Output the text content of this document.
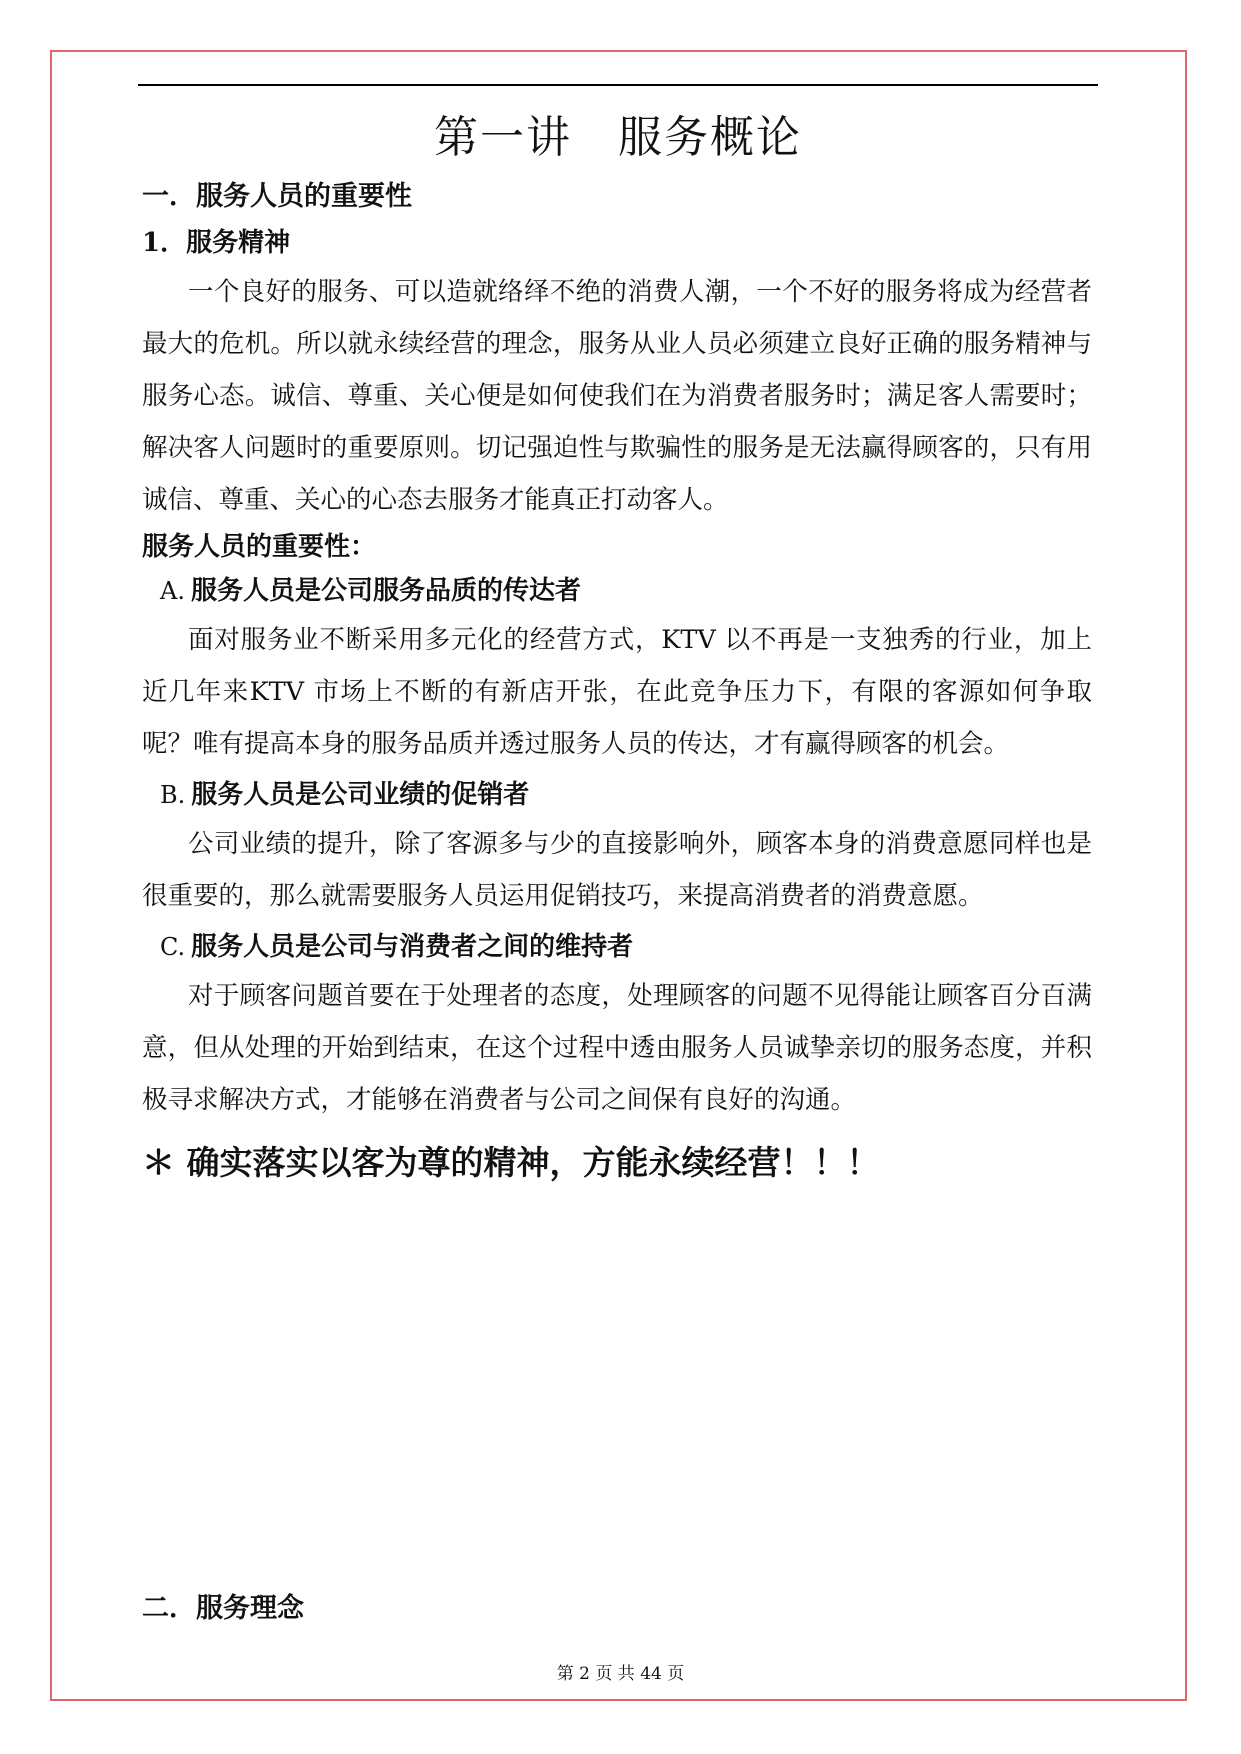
第一讲　服务概论
一．服务人员的重要性
1．服务精神

一个良好的服务、可以造就络绎不绝的消费人潮，一个不好的服务将成为经营者最大的危机。所以就永续经营的理念，服务从业人员必须建立良好正确的服务精神与服务心态。诚信、尊重、关心便是如何使我们在为消费者服务时；满足客人需要时；解决客人问题时的重要原则。切记强迫性与欺骗性的服务是无法赢得顾客的，只有用诚信、尊重、关心的心态去服务才能真正打动客人。

服务人员的重要性：
A. 服务人员是公司服务品质的传达者

面对服务业不断采用多元化的经营方式，KTV 以不再是一支独秀的行业，加上近几年来KTV 市场上不断的有新店开张，在此竞争压力下，有限的客源如何争取呢？唯有提高本身的服务品质并透过服务人员的传达，才有赢得顾客的机会。

B. 服务人员是公司业绩的促销者

公司业绩的提升，除了客源多与少的直接影响外，顾客本身的消费意愿同样也是很重要的，那么就需要服务人员运用促销技巧，来提高消费者的消费意愿。

C. 服务人员是公司与消费者之间的维持者

对于顾客问题首要在于处理者的态度，处理顾客的问题不见得能让顾客百分百满意，但从处理的开始到结束，在这个过程中透由服务人员诚挚亲切的服务态度，并积极寻求解决方式，才能够在消费者与公司之间保有良好的沟通。

＊ 确实落实以客为尊的精神，方能永续经营！！！
二．服务理念
第 2 页 共 44 页
